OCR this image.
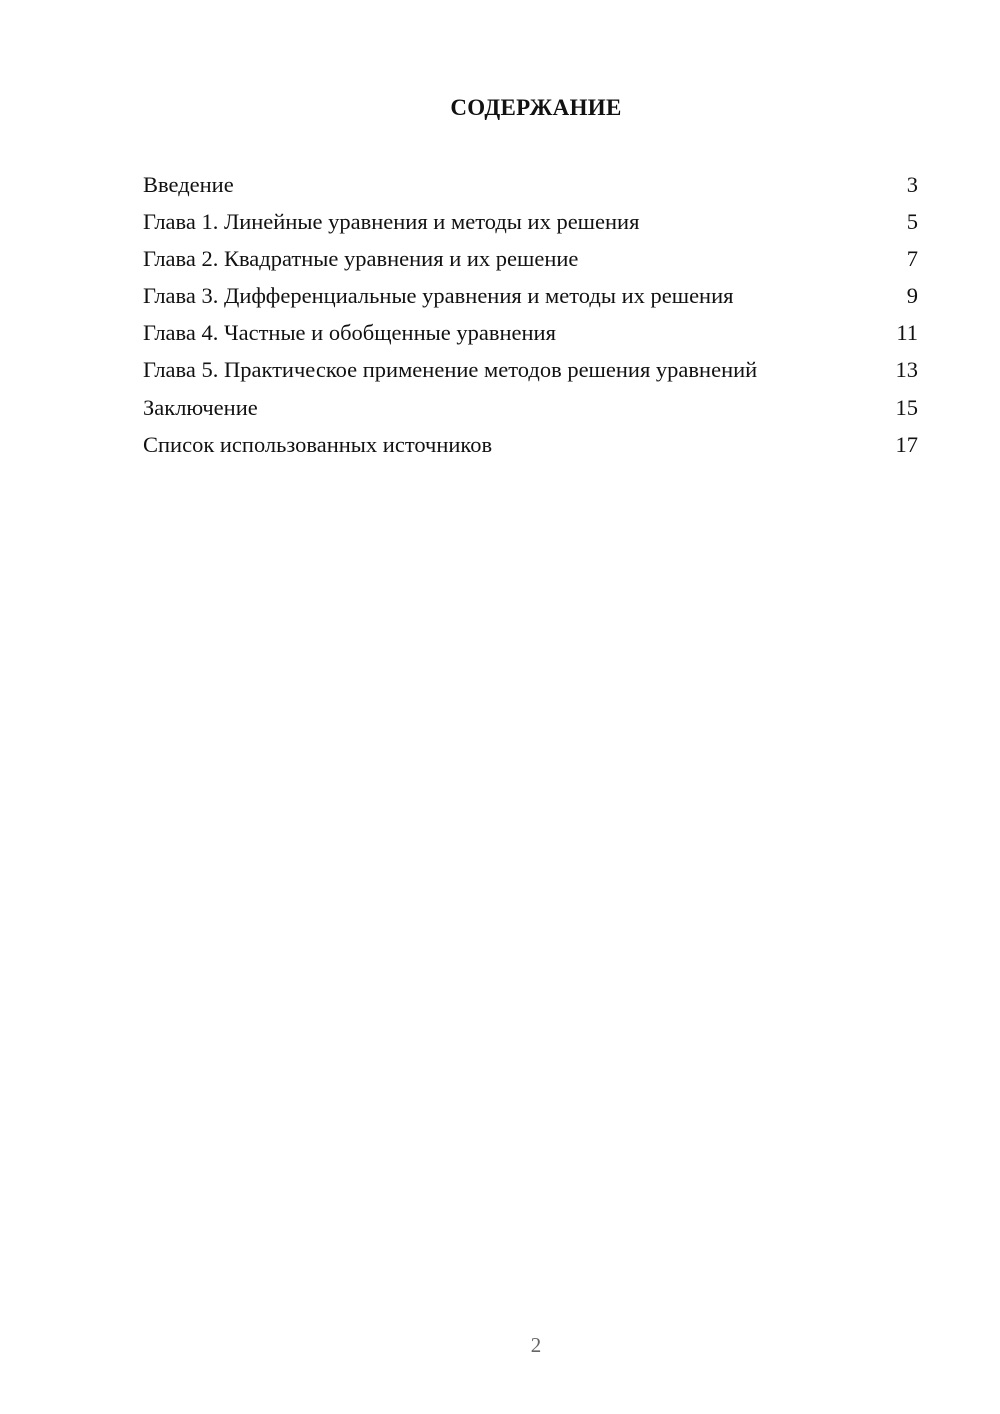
СОДЕРЖАНИЕ
Введение	3
Глава 1. Линейные уравнения и методы их решения	5
Глава 2. Квадратные уравнения и их решение	7
Глава 3. Дифференциальные уравнения и методы их решения	9
Глава 4. Частные и обобщенные уравнения	11
Глава 5. Практическое применение методов решения уравнений	13
Заключение	15
Список использованных источников	17
2
